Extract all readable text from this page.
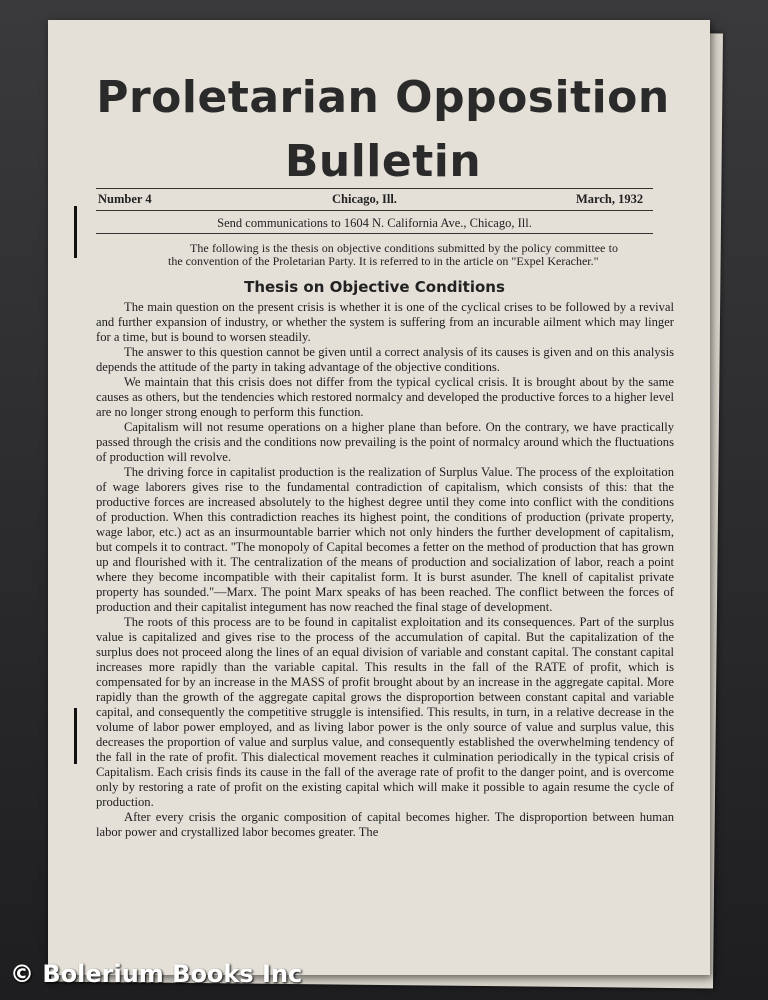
Proletarian Opposition
Bulletin
Number 4	Chicago, Ill.	March, 1932
Send communications to 1604 N. California Ave., Chicago, Ill.
The following is the thesis on objective conditions submitted by the policy committee to the convention of the Proletarian Party. It is referred to in the article on "Expel Keracher."
Thesis on Objective Conditions

The main question on the present crisis is whether it is one of the cyclical crises to be followed by a revival and further expansion of industry, or whether the system is suffering from an incurable ailment which may linger for a time, but is bound to worsen steadily.

The answer to this question cannot be given until a correct analysis of its causes is given and on this analysis depends the attitude of the party in taking advantage of the objective conditions.

We maintain that this crisis does not differ from the typical cyclical crisis. It is brought about by the same causes as others, but the tendencies which restored normalcy and developed the productive forces to a higher level are no longer strong enough to perform this function.

Capitalism will not resume operations on a higher plane than before. On the contrary, we have practically passed through the crisis and the conditions now prevailing is the point of normalcy around which the fluctuations of production will revolve.

The driving force in capitalist production is the realization of Surplus Value. The process of the exploitation of wage laborers gives rise to the fundamental contradiction of capitalism, which consists of this: that the productive forces are increased absolutely to the highest degree until they come into conflict with the conditions of production. When this contradiction reaches its highest point, the conditions of production (private property, wage labor, etc.) act as an insurmountable barrier which not only hinders the further development of capitalism, but compels it to contract. ''The monopoly of Capital becomes a fetter on the method of production that has grown up and flourished with it. The centralization of the means of production and socialization of labor, reach a point where they become incompatible with their capitalist form. It is burst asunder. The knell of capitalist private property has sounded.''—Marx. The point Marx speaks of has been reached. The conflict between the forces of production and their capitalist integument has now reached the final stage of development.

The roots of this process are to be found in capitalist exploitation and its consequences. Part of the surplus value is capitalized and gives rise to the process of the accumulation of capital. But the capitalization of the surplus does not proceed along the lines of an equal division of variable and constant capital. The constant capital increases more rapidly than the variable capital. This results in the fall of the RATE of profit, which is compensated for by an increase in the MASS of profit brought about by an increase in the aggregate capital. More rapidly than the growth of the aggregate capital grows the disproportion between constant capital and variable capital, and consequently the competitive struggle is intensified. This results, in turn, in a relative decrease in the volume of labor power employed, and as living labor power is the only source of value and surplus value, this decreases the proportion of value and surplus value, and consequently established the overwhelming tendency of the fall in the rate of profit. This dialectical movement reaches it culmination periodically in the typical crisis of Capitalism. Each crisis finds its cause in the fall of the average rate of profit to the danger point, and is overcome only by restoring a rate of profit on the existing capital which will make it possible to again resume the cycle of production.

After every crisis the organic composition of capital becomes higher. The disproportion between human labor power and crystallized labor becomes greater. The

© Bolerium Books Inc
